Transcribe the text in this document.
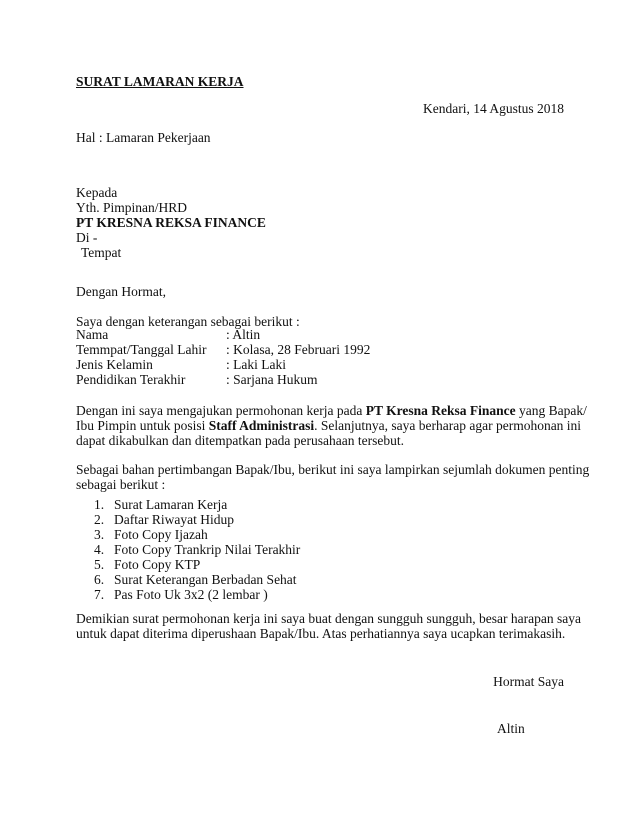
SURAT LAMARAN KERJA
Kendari, 14 Agustus 2018
Hal : Lamaran Pekerjaan
Kepada
Yth. Pimpinan/HRD
PT KRESNA REKSA FINANCE
Di -
Tempat
Dengan Hormat,
Saya dengan keterangan sebagai berikut :
Nama	: Altin
Temmpat/Tanggal Lahir : Kolasa, 28 Februari 1992
Jenis Kelamin	: Laki Laki
Pendidikan Terakhir	: Sarjana Hukum
Dengan ini saya mengajukan permohonan kerja pada PT Kresna Reksa Finance yang Bapak/
Ibu Pimpin untuk posisi Staff Administrasi. Selanjutnya, saya berharap agar permohonan ini
dapat dikabulkan dan ditempatkan pada perusahaan tersebut.
Sebagai bahan pertimbangan Bapak/Ibu, berikut ini saya lampirkan sejumlah dokumen penting
sebagai berikut :
1. Surat Lamaran Kerja
2. Daftar Riwayat Hidup
3. Foto Copy Ijazah
4. Foto Copy Trankrip Nilai Terakhir
5. Foto Copy KTP
6. Surat Keterangan Berbadan Sehat
7. Pas Foto Uk 3x2 (2 lembar )
Demikian surat permohonan kerja ini saya buat dengan sungguh sungguh, besar harapan saya
untuk dapat diterima diperushaan Bapak/Ibu. Atas perhatiannya saya ucapkan terimakasih.
Hormat Saya
Altin
